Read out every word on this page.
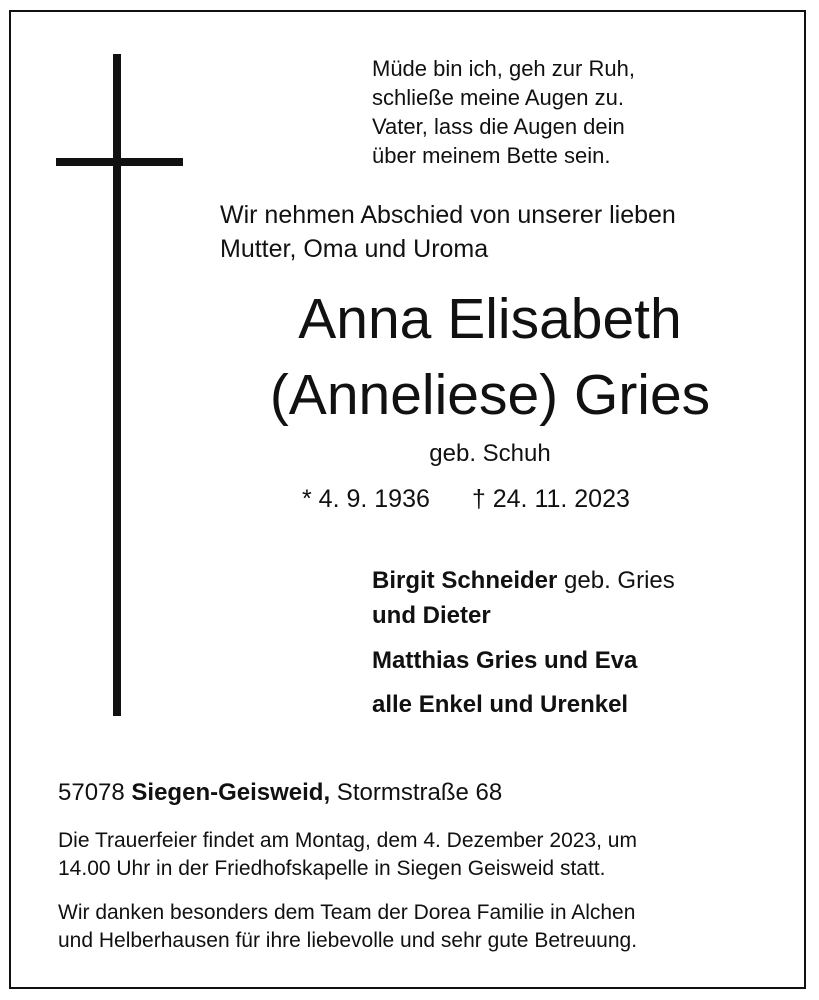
Müde bin ich, geh zur Ruh,
schließe meine Augen zu.
Vater, lass die Augen dein
über meinem Bette sein.
Wir nehmen Abschied von unserer lieben
Mutter, Oma und Uroma
Anna Elisabeth
(Anneliese) Gries
geb. Schuh
* 4. 9. 1936 † 24. 11. 2023
Birgit Schneider geb. Gries
und Dieter
Matthias Gries und Eva
alle Enkel und Urenkel
57078 Siegen-Geisweid, Stormstraße 68
Die Trauerfeier findet am Montag, dem 4. Dezember 2023, um
14.00 Uhr in der Friedhofskapelle in Siegen Geisweid statt.
Wir danken besonders dem Team der Dorea Familie in Alchen
und Helberhausen für ihre liebevolle und sehr gute Betreuung.
